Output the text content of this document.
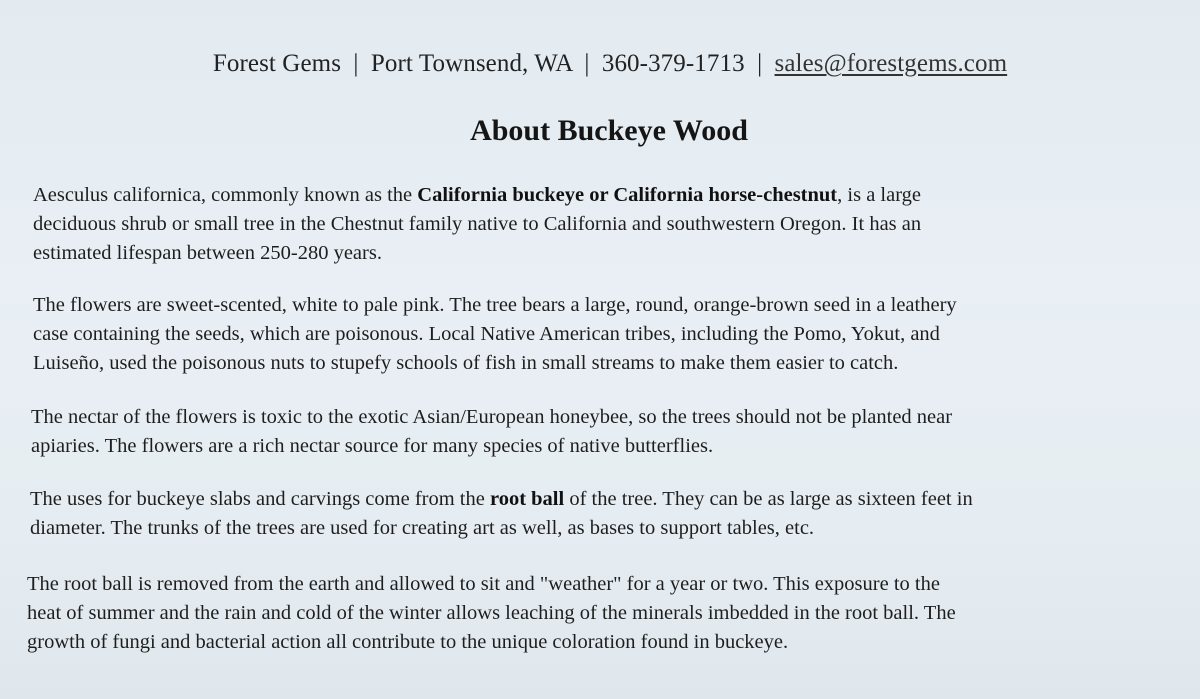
Forest Gems | Port Townsend, WA | 360-379-1713 | sales@forestgems.com
About Buckeye Wood

Aesculus californica, commonly known as the California buckeye or California horse-chestnut, is a large
deciduous shrub or small tree in the Chestnut family native to California and southwestern Oregon. It has an
estimated lifespan between 250-280 years.

The flowers are sweet-scented, white to pale pink. The tree bears a large, round, orange-brown seed in a leathery
case containing the seeds, which are poisonous. Local Native American tribes, including the Pomo, Yokut, and
Luiseño, used the poisonous nuts to stupefy schools of fish in small streams to make them easier to catch.

The nectar of the flowers is toxic to the exotic Asian/European honeybee, so the trees should not be planted near
apiaries. The flowers are a rich nectar source for many species of native butterflies.

The uses for buckeye slabs and carvings come from the root ball of the tree. They can be as large as sixteen feet in
diameter. The trunks of the trees are used for creating art as well, as bases to support tables, etc.

The root ball is removed from the earth and allowed to sit and "weather" for a year or two. This exposure to the
heat of summer and the rain and cold of the winter allows leaching of the minerals imbedded in the root ball. The
growth of fungi and bacterial action all contribute to the unique coloration found in buckeye.
